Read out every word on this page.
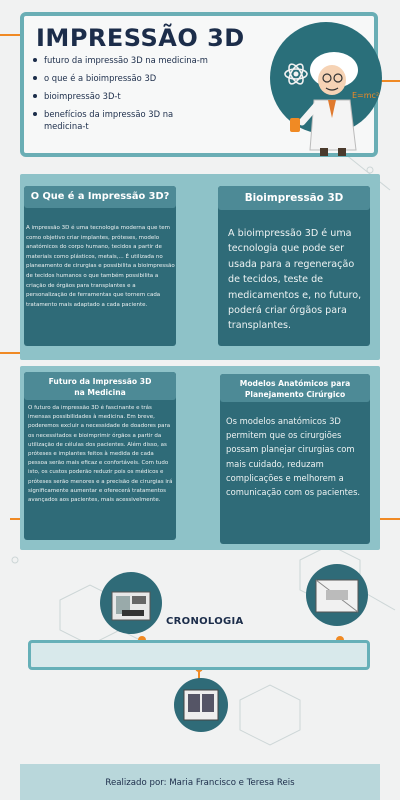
IMPRESSÃO 3D
futuro da impressão 3D na medicina-m
o que é a bioimpressão 3D
bioimpressão 3D-t
benefícios da impressão 3D na medicina-t
E=mc²
O Que é a Impressão 3D?
A impressão 3D é uma tecnologia moderna que tem como objetivo criar implantes, próteses, modelo anatómicos do corpo humano, tecidos a partir de materiais como plásticos, metais,... É utilizada no planeamento de cirurgias e possibilita a bioimpressão de tecidos humanos o que também possibilita a criação de órgãos para transplantes e a personalização de ferramentas que tornem cada tratamento mais adaptado a cada paciente.
Bioimpressão 3D
A bioimpressão 3D é uma tecnologia que pode ser usada para a regeneração de tecidos, teste de medicamentos e, no futuro, poderá criar órgãos para transplantes.
Futuro da Impressão 3D na Medicina
O futuro da impressão 3D é fascinante e trás imensas possibilidades à medicina. Em breve, poderemos excluir a necessidade de doadores para os necessitados e bioimprimir órgãos a partir da utilização de células dos pacientes. Além disso, as próteses e implantes feitos à medida de cada pessoa serão mais eficaz e confortáveis. Com tudo isto, os custos poderão reduzir pois os médicos e próteses serão menores e a precisão de cirurgias irá significamente aumentar e oferecerá tratamentos avançados aos pacientes, mais acessivelmente.
Modelos Anatómicos para Planejamento Cirúrgico
Os modelos anatómicos 3D permitem que os cirurgiões possam planejar cirurgias com mais cuidado, reduzam complicações e melhorem a comunicação com os pacientes.
CRONOLOGIA
Realizado por: Maria Francisco e Teresa Reis
